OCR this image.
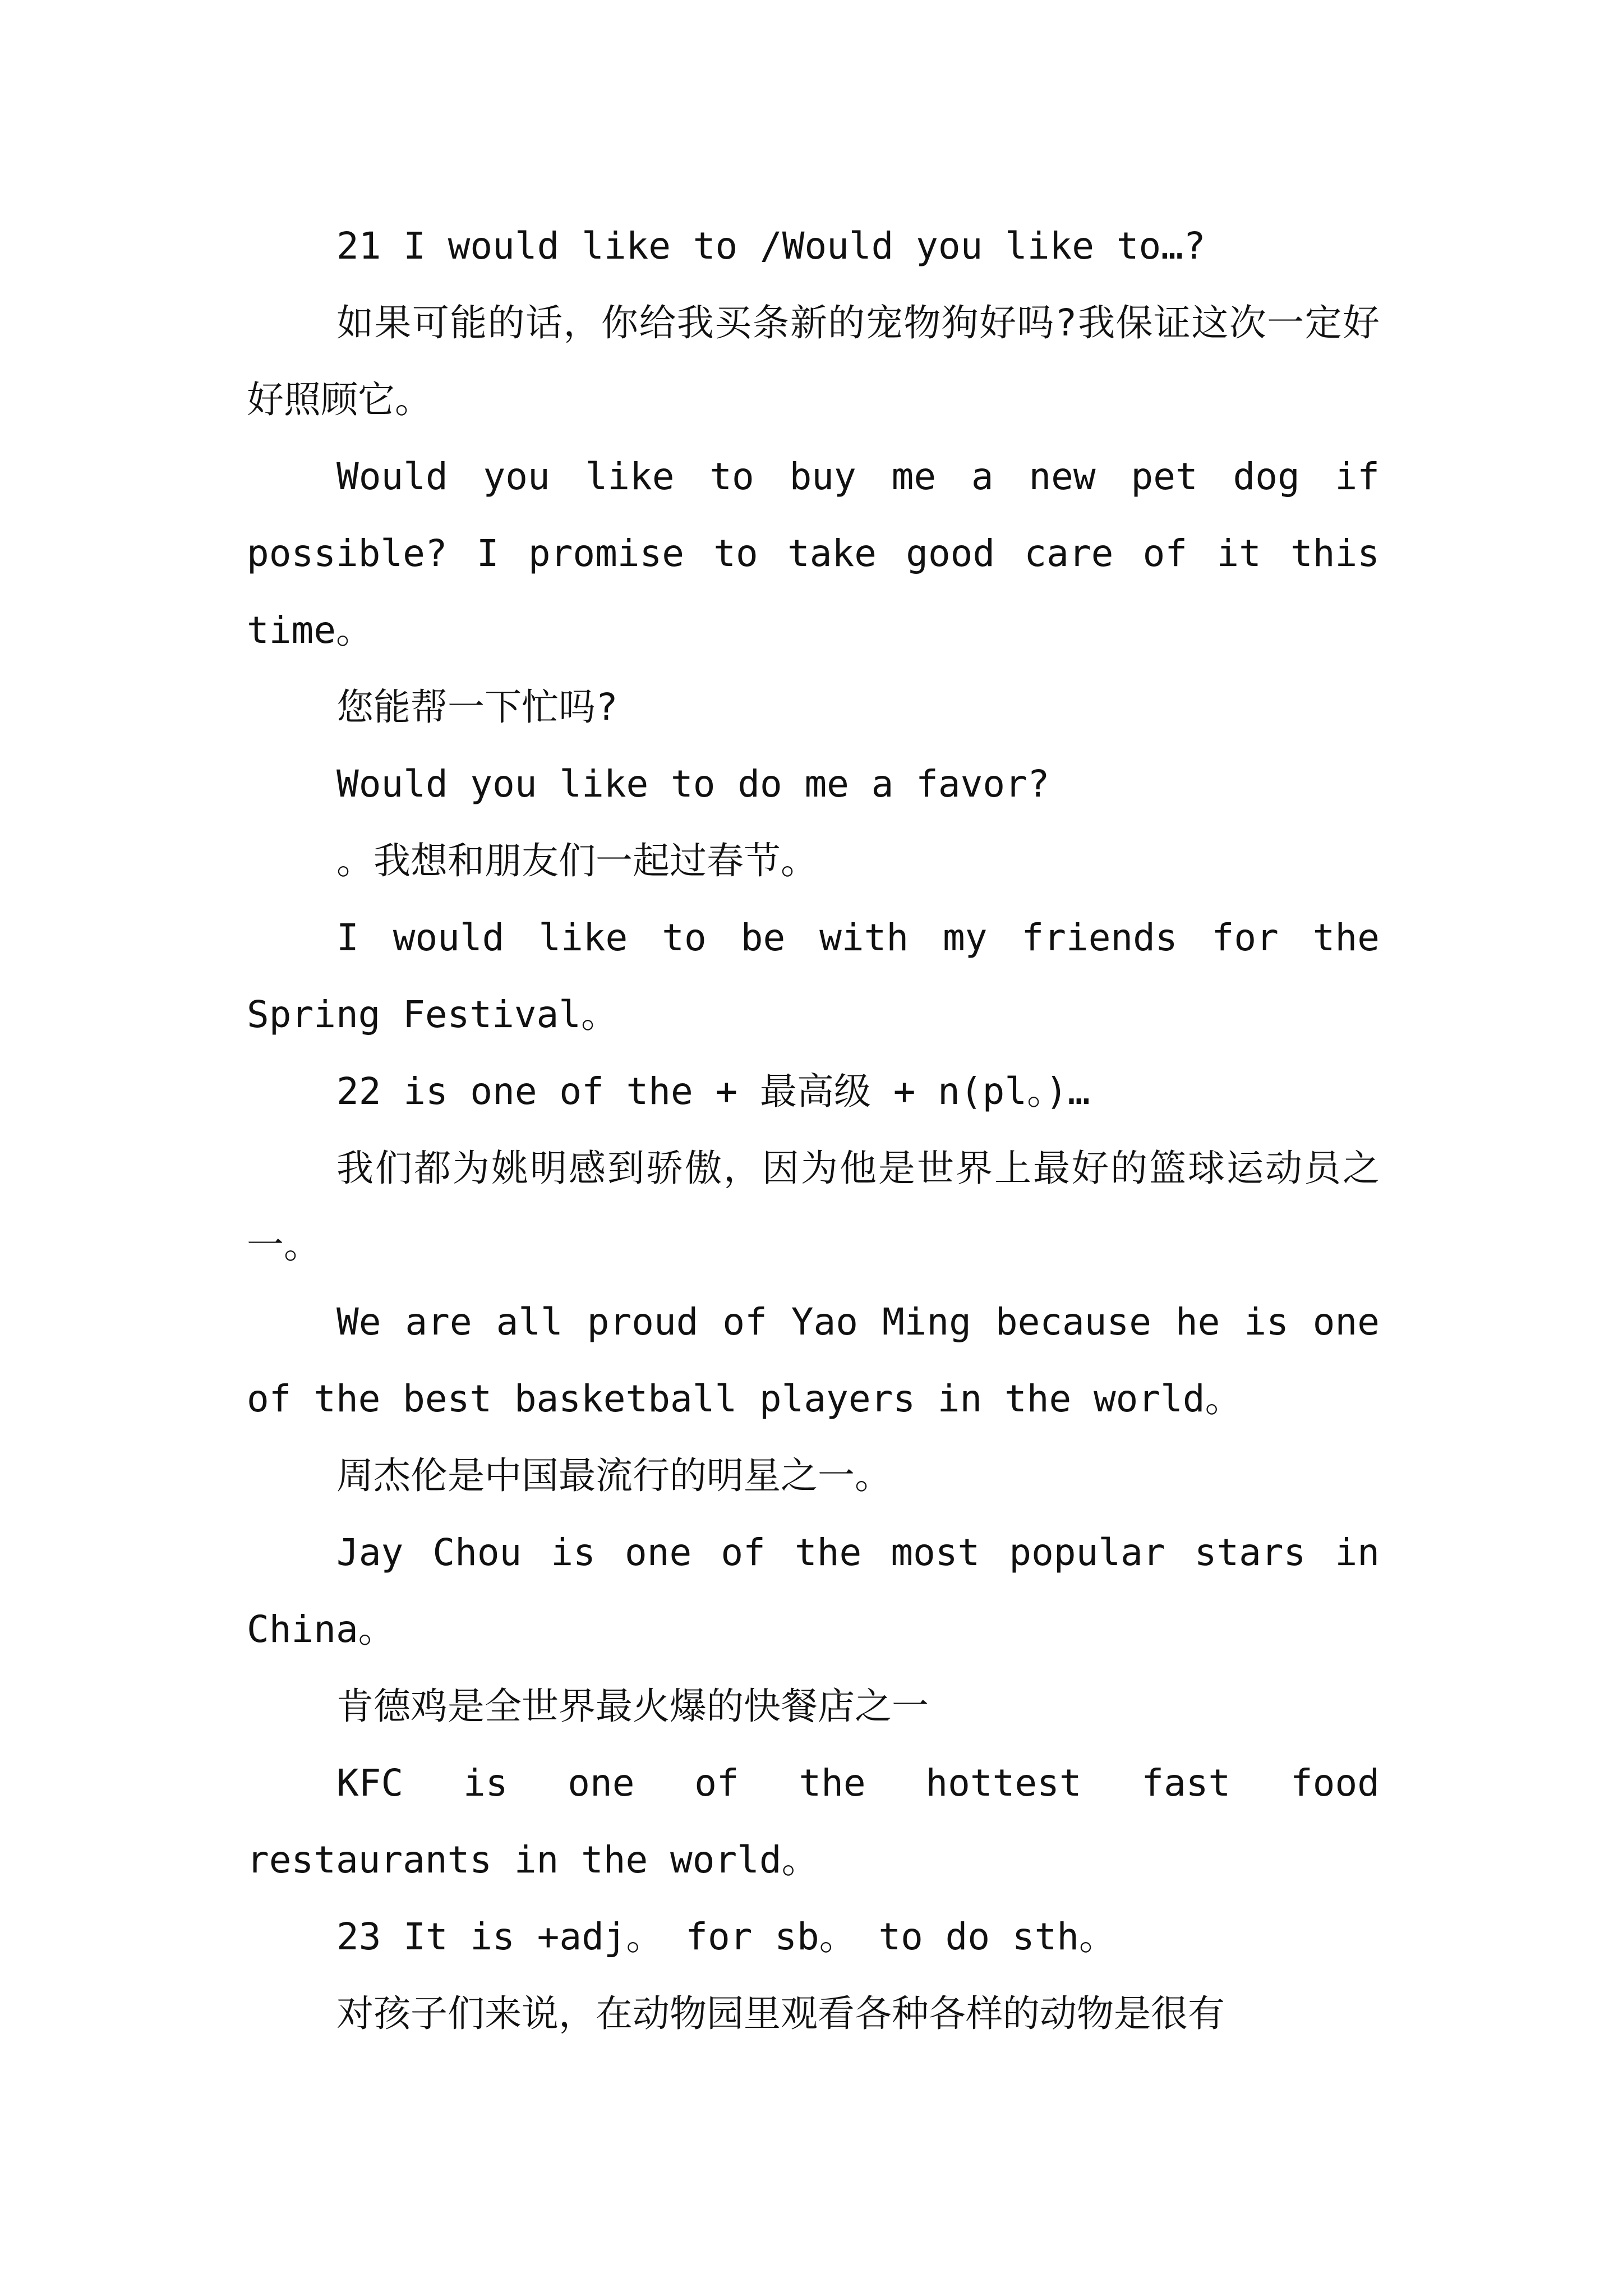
21 I would like to /Would you like to…?

如果可能的话，你给我买条新的宠物狗好吗?我保证这次一定好好照顾它。

Would you like to buy me a new pet dog if possible? I promise to take good care of it this time。

您能帮一下忙吗?

Would you like to do me a favor?

。我想和朋友们一起过春节。

I would like to be with my friends for the Spring Festival。

22 is one of the + 最高级 + n(pl。)…

我们都为姚明感到骄傲，因为他是世界上最好的篮球运动员之一。

We are all proud of Yao Ming because he is one of the best basketball players in the world。

周杰伦是中国最流行的明星之一。

Jay Chou is one of the most popular stars in China。

肯德鸡是全世界最火爆的快餐店之一

KFC is one of the hottest fast food restaurants in the world。

23 It is +adj。 for sb。 to do sth。

对孩子们来说，在动物园里观看各种各样的动物是很有
